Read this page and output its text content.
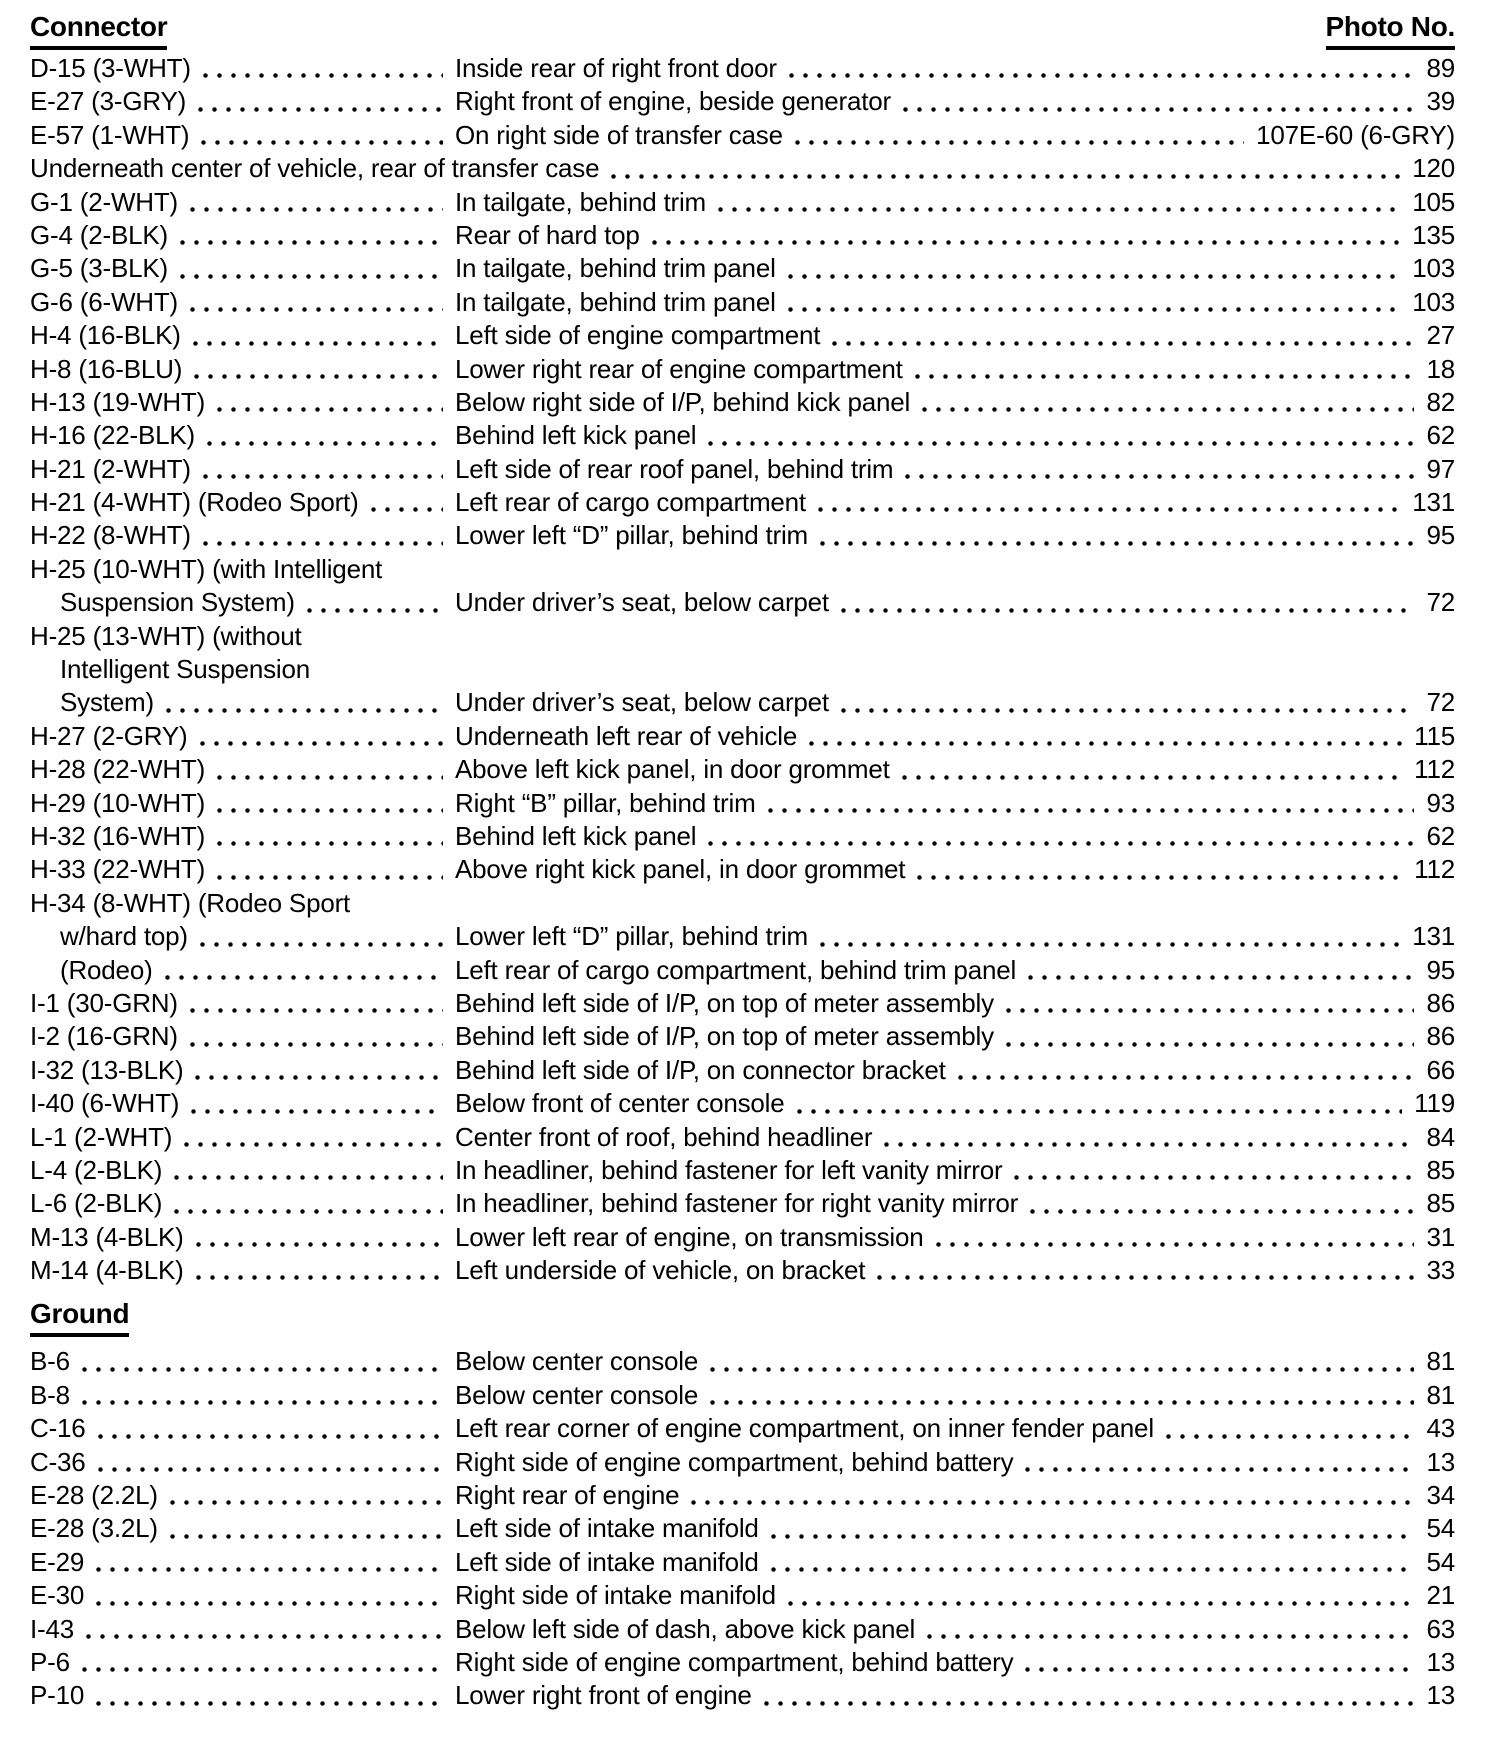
Connector	Photo No.
D-15 (3-WHT)	Inside rear of right front door	89
E-27 (3-GRY)	Right front of engine, beside generator	39
E-57 (1-WHT)	On right side of transfer case	107E-60 (6-GRY)
Underneath center of vehicle, rear of transfer case	120
G-1 (2-WHT)	In tailgate, behind trim	105
G-4 (2-BLK)	Rear of hard top	135
G-5 (3-BLK)	In tailgate, behind trim panel	103
G-6 (6-WHT)	In tailgate, behind trim panel	103
H-4 (16-BLK)	Left side of engine compartment	27
H-8 (16-BLU)	Lower right rear of engine compartment	18
H-13 (19-WHT)	Below right side of I/P, behind kick panel	82
H-16 (22-BLK)	Behind left kick panel	62
H-21 (2-WHT)	Left side of rear roof panel, behind trim	97
H-21 (4-WHT) (Rodeo Sport)	Left rear of cargo compartment	131
H-22 (8-WHT)	Lower left “D” pillar, behind trim	95
H-25 (10-WHT) (with Intelligent
Suspension System)	Under driver’s seat, below carpet	72
H-25 (13-WHT) (without
Intelligent Suspension
System)	Under driver’s seat, below carpet	72
H-27 (2-GRY)	Underneath left rear of vehicle	115
H-28 (22-WHT)	Above left kick panel, in door grommet	112
H-29 (10-WHT)	Right “B” pillar, behind trim	93
H-32 (16-WHT)	Behind left kick panel	62
H-33 (22-WHT)	Above right kick panel, in door grommet	112
H-34 (8-WHT) (Rodeo Sport
w/hard top)	Lower left “D” pillar, behind trim	131
(Rodeo)	Left rear of cargo compartment, behind trim panel	95
I-1 (30-GRN)	Behind left side of I/P, on top of meter assembly	86
I-2 (16-GRN)	Behind left side of I/P, on top of meter assembly	86
I-32 (13-BLK)	Behind left side of I/P, on connector bracket	66
I-40 (6-WHT)	Below front of center console	119
L-1 (2-WHT)	Center front of roof, behind headliner	84
L-4 (2-BLK)	In headliner, behind fastener for left vanity mirror	85
L-6 (2-BLK)	In headliner, behind fastener for right vanity mirror	85
M-13 (4-BLK)	Lower left rear of engine, on transmission	31
M-14 (4-BLK)	Left underside of vehicle, on bracket	33
Ground
B-6	Below center console	81
B-8	Below center console	81
C-16	Left rear corner of engine compartment, on inner fender panel	43
C-36	Right side of engine compartment, behind battery	13
E-28 (2.2L)	Right rear of engine	34
E-28 (3.2L)	Left side of intake manifold	54
E-29	Left side of intake manifold	54
E-30	Right side of intake manifold	21
I-43	Below left side of dash, above kick panel	63
P-6	Right side of engine compartment, behind battery	13
P-10	Lower right front of engine	13
